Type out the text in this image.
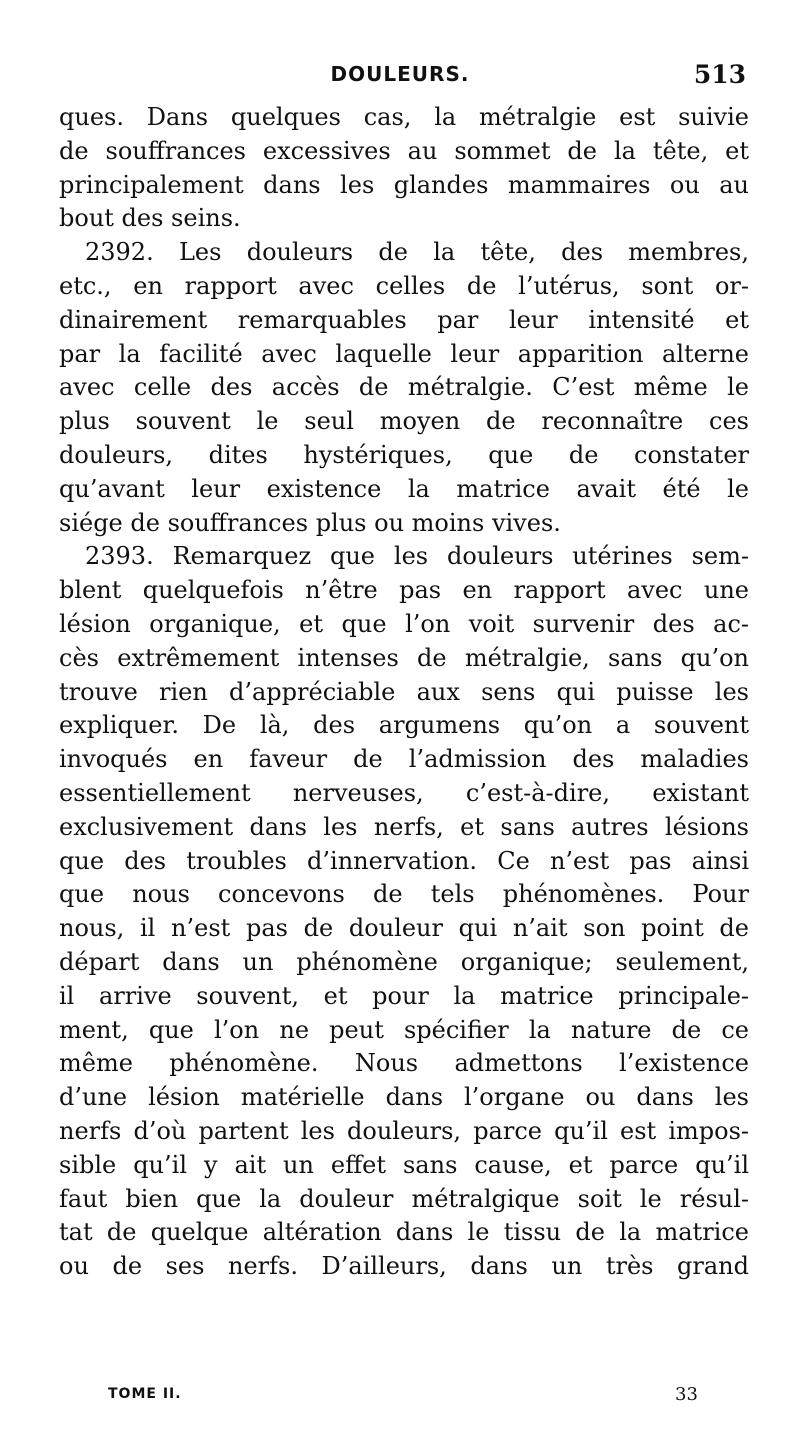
DOULEURS.	513
ques. Dans quelques cas, la métralgie est suivie
de souffrances excessives au sommet de la tête, et
principalement dans les glandes mammaires ou au
bout des seins.
2392. Les douleurs de la tête, des membres,
etc., en rapport avec celles de l’utérus, sont or-
dinairement remarquables par leur intensité et
par la facilité avec laquelle leur apparition alterne
avec celle des accès de métralgie. C’est même le
plus souvent le seul moyen de reconnaître ces
douleurs, dites hystériques, que de constater
qu’avant leur existence la matrice avait été le
siége de souffrances plus ou moins vives.
2393. Remarquez que les douleurs utérines sem-
blent quelquefois n’être pas en rapport avec une
lésion organique, et que l’on voit survenir des ac-
cès extrêmement intenses de métralgie, sans qu’on
trouve rien d’appréciable aux sens qui puisse les
expliquer. De là, des argumens qu’on a souvent
invoqués en faveur de l’admission des maladies
essentiellement nerveuses, c’est-à-dire, existant
exclusivement dans les nerfs, et sans autres lésions
que des troubles d’innervation. Ce n’est pas ainsi
que nous concevons de tels phénomènes. Pour
nous, il n’est pas de douleur qui n’ait son point de
départ dans un phénomène organique; seulement,
il arrive souvent, et pour la matrice principale-
ment, que l’on ne peut spécifier la nature de ce
même phénomène. Nous admettons l’existence
d’une lésion matérielle dans l’organe ou dans les
nerfs d’où partent les douleurs, parce qu’il est impos-
sible qu’il y ait un effet sans cause, et parce qu’il
faut bien que la douleur métralgique soit le résul-
tat de quelque altération dans le tissu de la matrice
ou de ses nerfs. D’ailleurs, dans un très grand
TOME II.	33
